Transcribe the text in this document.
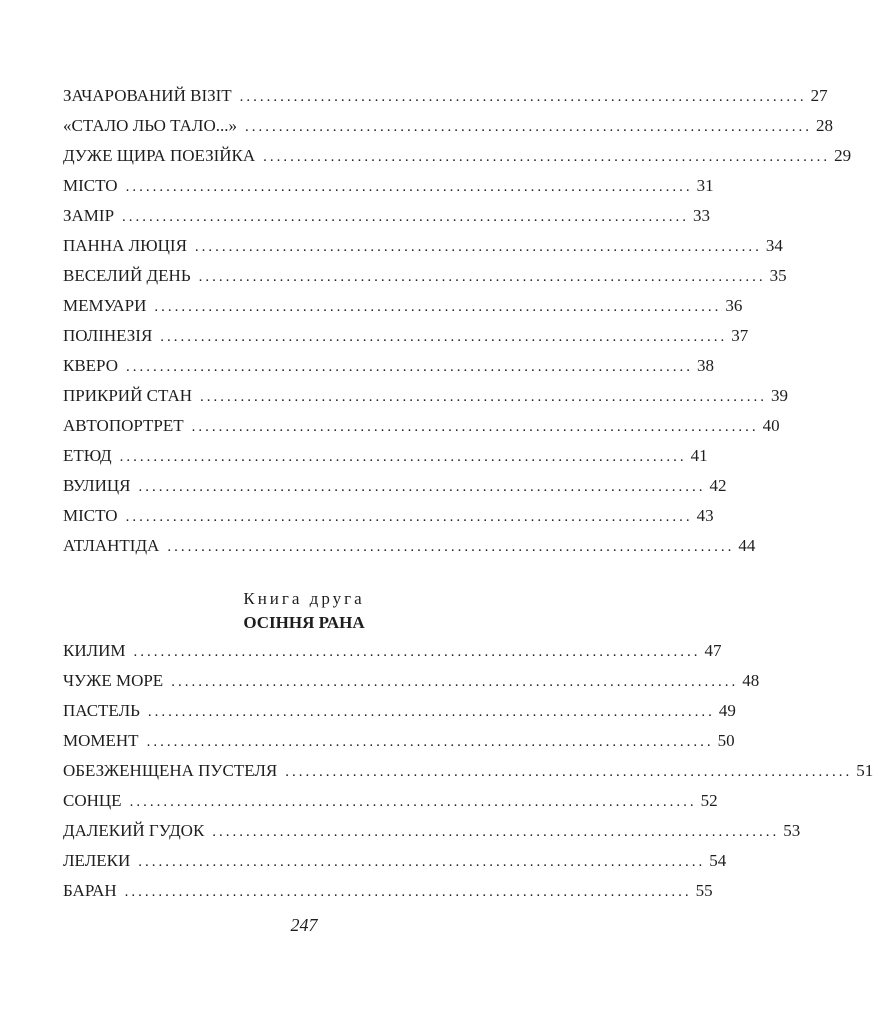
ЗАЧАРОВАНИЙ ВІЗІТ .................................................................................... 27
«СТАЛО ЛЬО ТАЛО...» .................................................................................... 28
ДУЖЕ ЩИРА ПОЕЗІЙКА .................................................................................... 29
МІСТО .................................................................................... 31
ЗАМІР .................................................................................... 33
ПАННА ЛЮЦІЯ .................................................................................... 34
ВЕСЕЛИЙ ДЕНЬ .................................................................................... 35
МЕМУАРИ .................................................................................... 36
ПОЛІНЕЗІЯ .................................................................................... 37
КВЕРО .................................................................................... 38
ПРИКРИЙ СТАН .................................................................................... 39
АВТОПОРТРЕТ .................................................................................... 40
ЕТЮД .................................................................................... 41
ВУЛИЦЯ .................................................................................... 42
МІСТО .................................................................................... 43
АТЛАНТІДА .................................................................................... 44
Книга друга
ОСІННЯ РАНА
КИЛИМ .................................................................................... 47
ЧУЖЕ МОРЕ .................................................................................... 48
ПАСТЕЛЬ .................................................................................... 49
МОМЕНТ .................................................................................... 50
ОБЕЗЖЕНЩЕНА ПУСТЕЛЯ .................................................................................... 51
СОНЦЕ .................................................................................... 52
ДАЛЕКИЙ ГУДОК .................................................................................... 53
ЛЕЛЕКИ .................................................................................... 54
БАРАН .................................................................................... 55
247
